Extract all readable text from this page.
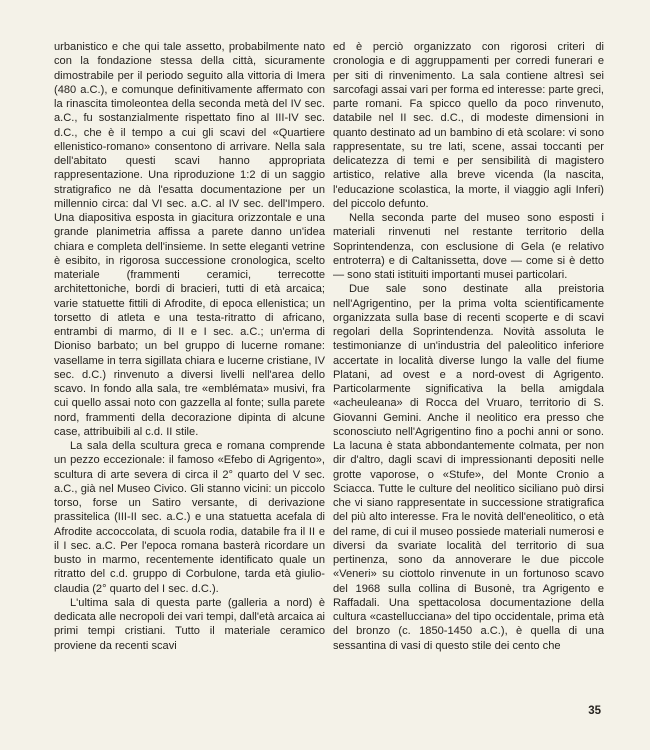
urbanistico e che qui tale assetto, probabilmente nato con la fondazione stessa della città, sicuramente dimostrabile per il periodo seguito alla vittoria di Imera (480 a.C.), e comunque definitivamente affermato con la rinascita timoleontea della seconda metà del IV sec. a.C., fu sostanzialmente rispettato fino al III-IV sec. d.C., che è il tempo a cui gli scavi del «Quartiere ellenistico-romano» consentono di arrivare. Nella sala dell'abitato questi scavi hanno appropriata rappresentazione. Una riproduzione 1:2 di un saggio stratigrafico ne dà l'esatta documentazione per un millennio circa: dal VI sec. a.C. al IV sec. dell'Impero. Una diapositiva esposta in giacitura orizzontale e una grande planimetria affissa a parete danno un'idea chiara e completa dell'insieme. In sette eleganti vetrine è esibito, in rigorosa successione cronologica, scelto materiale (frammenti ceramici, terrecotte architettoniche, bordi di bracieri, tutti di età arcaica; varie statuette fittili di Afrodite, di epoca ellenistica; un torsetto di atleta e una testa-ritratto di africano, entrambi di marmo, di II e I sec. a.C.; un'erma di Dioniso barbato; un bel gruppo di lucerne romane: vasellame in terra sigillata chiara e lucerne cristiane, IV sec. d.C.) rinvenuto a diversi livelli nell'area dello scavo. In fondo alla sala, tre «emblémata» musivi, fra cui quello assai noto con gazzella al fonte; sulla parete nord, frammenti della decorazione dipinta di alcune case, attribuibili al c.d. II stile.

La sala della scultura greca e romana comprende un pezzo eccezionale: il famoso «Efebo di Agrigento», scultura di arte severa di circa il 2° quarto del V sec. a.C., già nel Museo Civico. Gli stanno vicini: un piccolo torso, forse un Satiro versante, di derivazione prassitelica (III-II sec. a.C.) e una statuetta acefala di Afrodite accoccolata, di scuola rodia, databile fra il II e il I sec. a.C. Per l'epoca romana basterà ricordare un busto in marmo, recentemente identificato quale un ritratto del c.d. gruppo di Corbulone, tarda età giulio-claudia (2° quarto del I sec. d.C.).

L'ultima sala di questa parte (galleria a nord) è dedicata alle necropoli dei vari tempi, dall'età arcaica ai primi tempi cristiani. Tutto il materiale ceramico proviene da recenti scavi

ed è perciò organizzato con rigorosi criteri di cronologia e di aggruppamenti per corredi funerari e per siti di rinvenimento. La sala contiene altresì sei sarcofagi assai vari per forma ed interesse: parte greci, parte romani. Fa spicco quello da poco rinvenuto, databile nel II sec. d.C., di modeste dimensioni in quanto destinato ad un bambino di età scolare: vi sono rappresentate, su tre lati, scene, assai toccanti per delicatezza di temi e per sensibilità di magistero artistico, relative alla breve vicenda (la nascita, l'educazione scolastica, la morte, il viaggio agli Inferi) del piccolo defunto.

Nella seconda parte del museo sono esposti i materiali rinvenuti nel restante territorio della Soprintendenza, con esclusione di Gela (e relativo entroterra) e di Caltanissetta, dove — come si è detto — sono stati istituiti importanti musei particolari.

Due sale sono destinate alla preistoria nell'Agrigentino, per la prima volta scientificamente organizzata sulla base di recenti scoperte e di scavi regolari della Soprintendenza. Novità assoluta le testimonianze di un'industria del paleolitico inferiore accertate in località diverse lungo la valle del fiume Platani, ad ovest e a nord-ovest di Agrigento. Particolarmente significativa la bella amigdala «acheuleana» di Rocca del Vruaro, territorio di S. Giovanni Gemini. Anche il neolitico era presso che sconosciuto nell'Agrigentino fino a pochi anni or sono. La lacuna è stata abbondantemente colmata, per non dir d'altro, dagli scavi di impressionanti depositi nelle grotte vaporose, o «Stufe», del Monte Cronio a Sciacca. Tutte le culture del neolitico siciliano può dirsi che vi siano rappresentate in successione stratigrafica del più alto interesse. Fra le novità dell'eneolitico, o età del rame, di cui il museo possiede materiali numerosi e diversi da svariate località del territorio di sua pertinenza, sono da annoverare le due piccole «Veneri» su ciottolo rinvenute in un fortunoso scavo del 1968 sulla collina di Busonè, tra Agrigento e Raffadali. Una spettacolosa documentazione della cultura «castellucciana» del tipo occidentale, prima età del bronzo (c. 1850-1450 a.C.), è quella di una sessantina di vasi di questo stile dei cento che

35
